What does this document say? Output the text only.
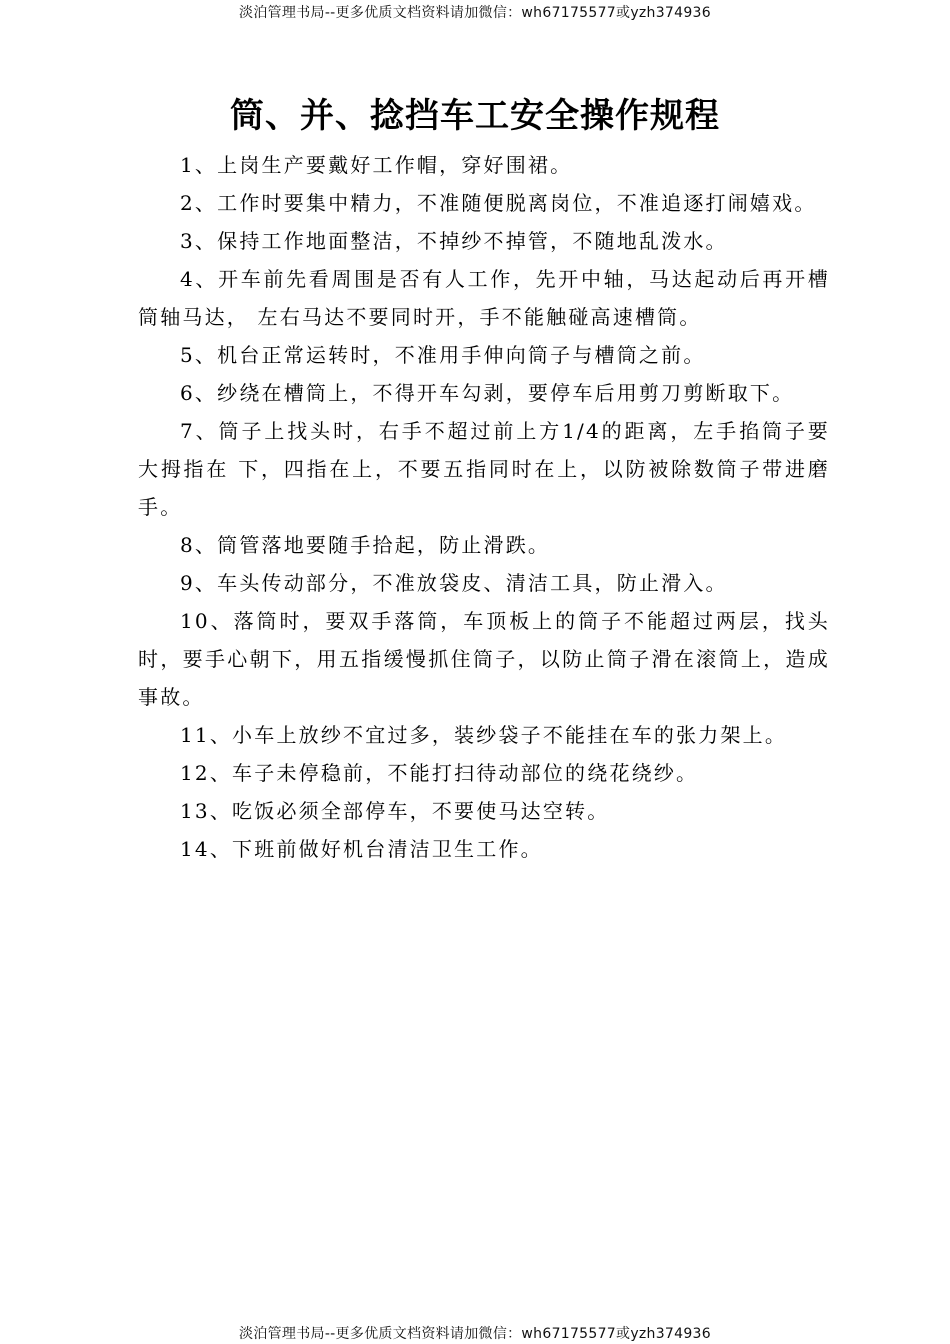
淡泊管理书局--更多优质文档资料请加微信：wh67175577或yzh374936
筒、并、捻挡车工安全操作规程
1、上岗生产要戴好工作帽，穿好围裙。
2、工作时要集中精力，不准随便脱离岗位，不准追逐打闹嬉戏。
3、保持工作地面整洁，不掉纱不掉管，不随地乱泼水。
4、开车前先看周围是否有人工作，先开中轴，马达起动后再开槽筒轴马达， 左右马达不要同时开，手不能触碰高速槽筒。
5、机台正常运转时，不准用手伸向筒子与槽筒之前。
6、纱绕在槽筒上，不得开车勾剥，要停车后用剪刀剪断取下。
7、筒子上找头时，右手不超过前上方1/4的距离，左手掐筒子要大拇指在 下，四指在上，不要五指同时在上，以防被除数筒子带进磨手。
8、筒管落地要随手拾起，防止滑跌。
9、车头传动部分，不准放袋皮、清洁工具，防止滑入。
10、落筒时，要双手落筒，车顶板上的筒子不能超过两层，找头时，要手心朝下，用五指缓慢抓住筒子，以防止筒子滑在滚筒上，造成事故。
11、小车上放纱不宜过多，装纱袋子不能挂在车的张力架上。
12、车子未停稳前，不能打扫待动部位的绕花绕纱。
13、吃饭必须全部停车，不要使马达空转。
14、下班前做好机台清洁卫生工作。
淡泊管理书局--更多优质文档资料请加微信：wh67175577或yzh374936
